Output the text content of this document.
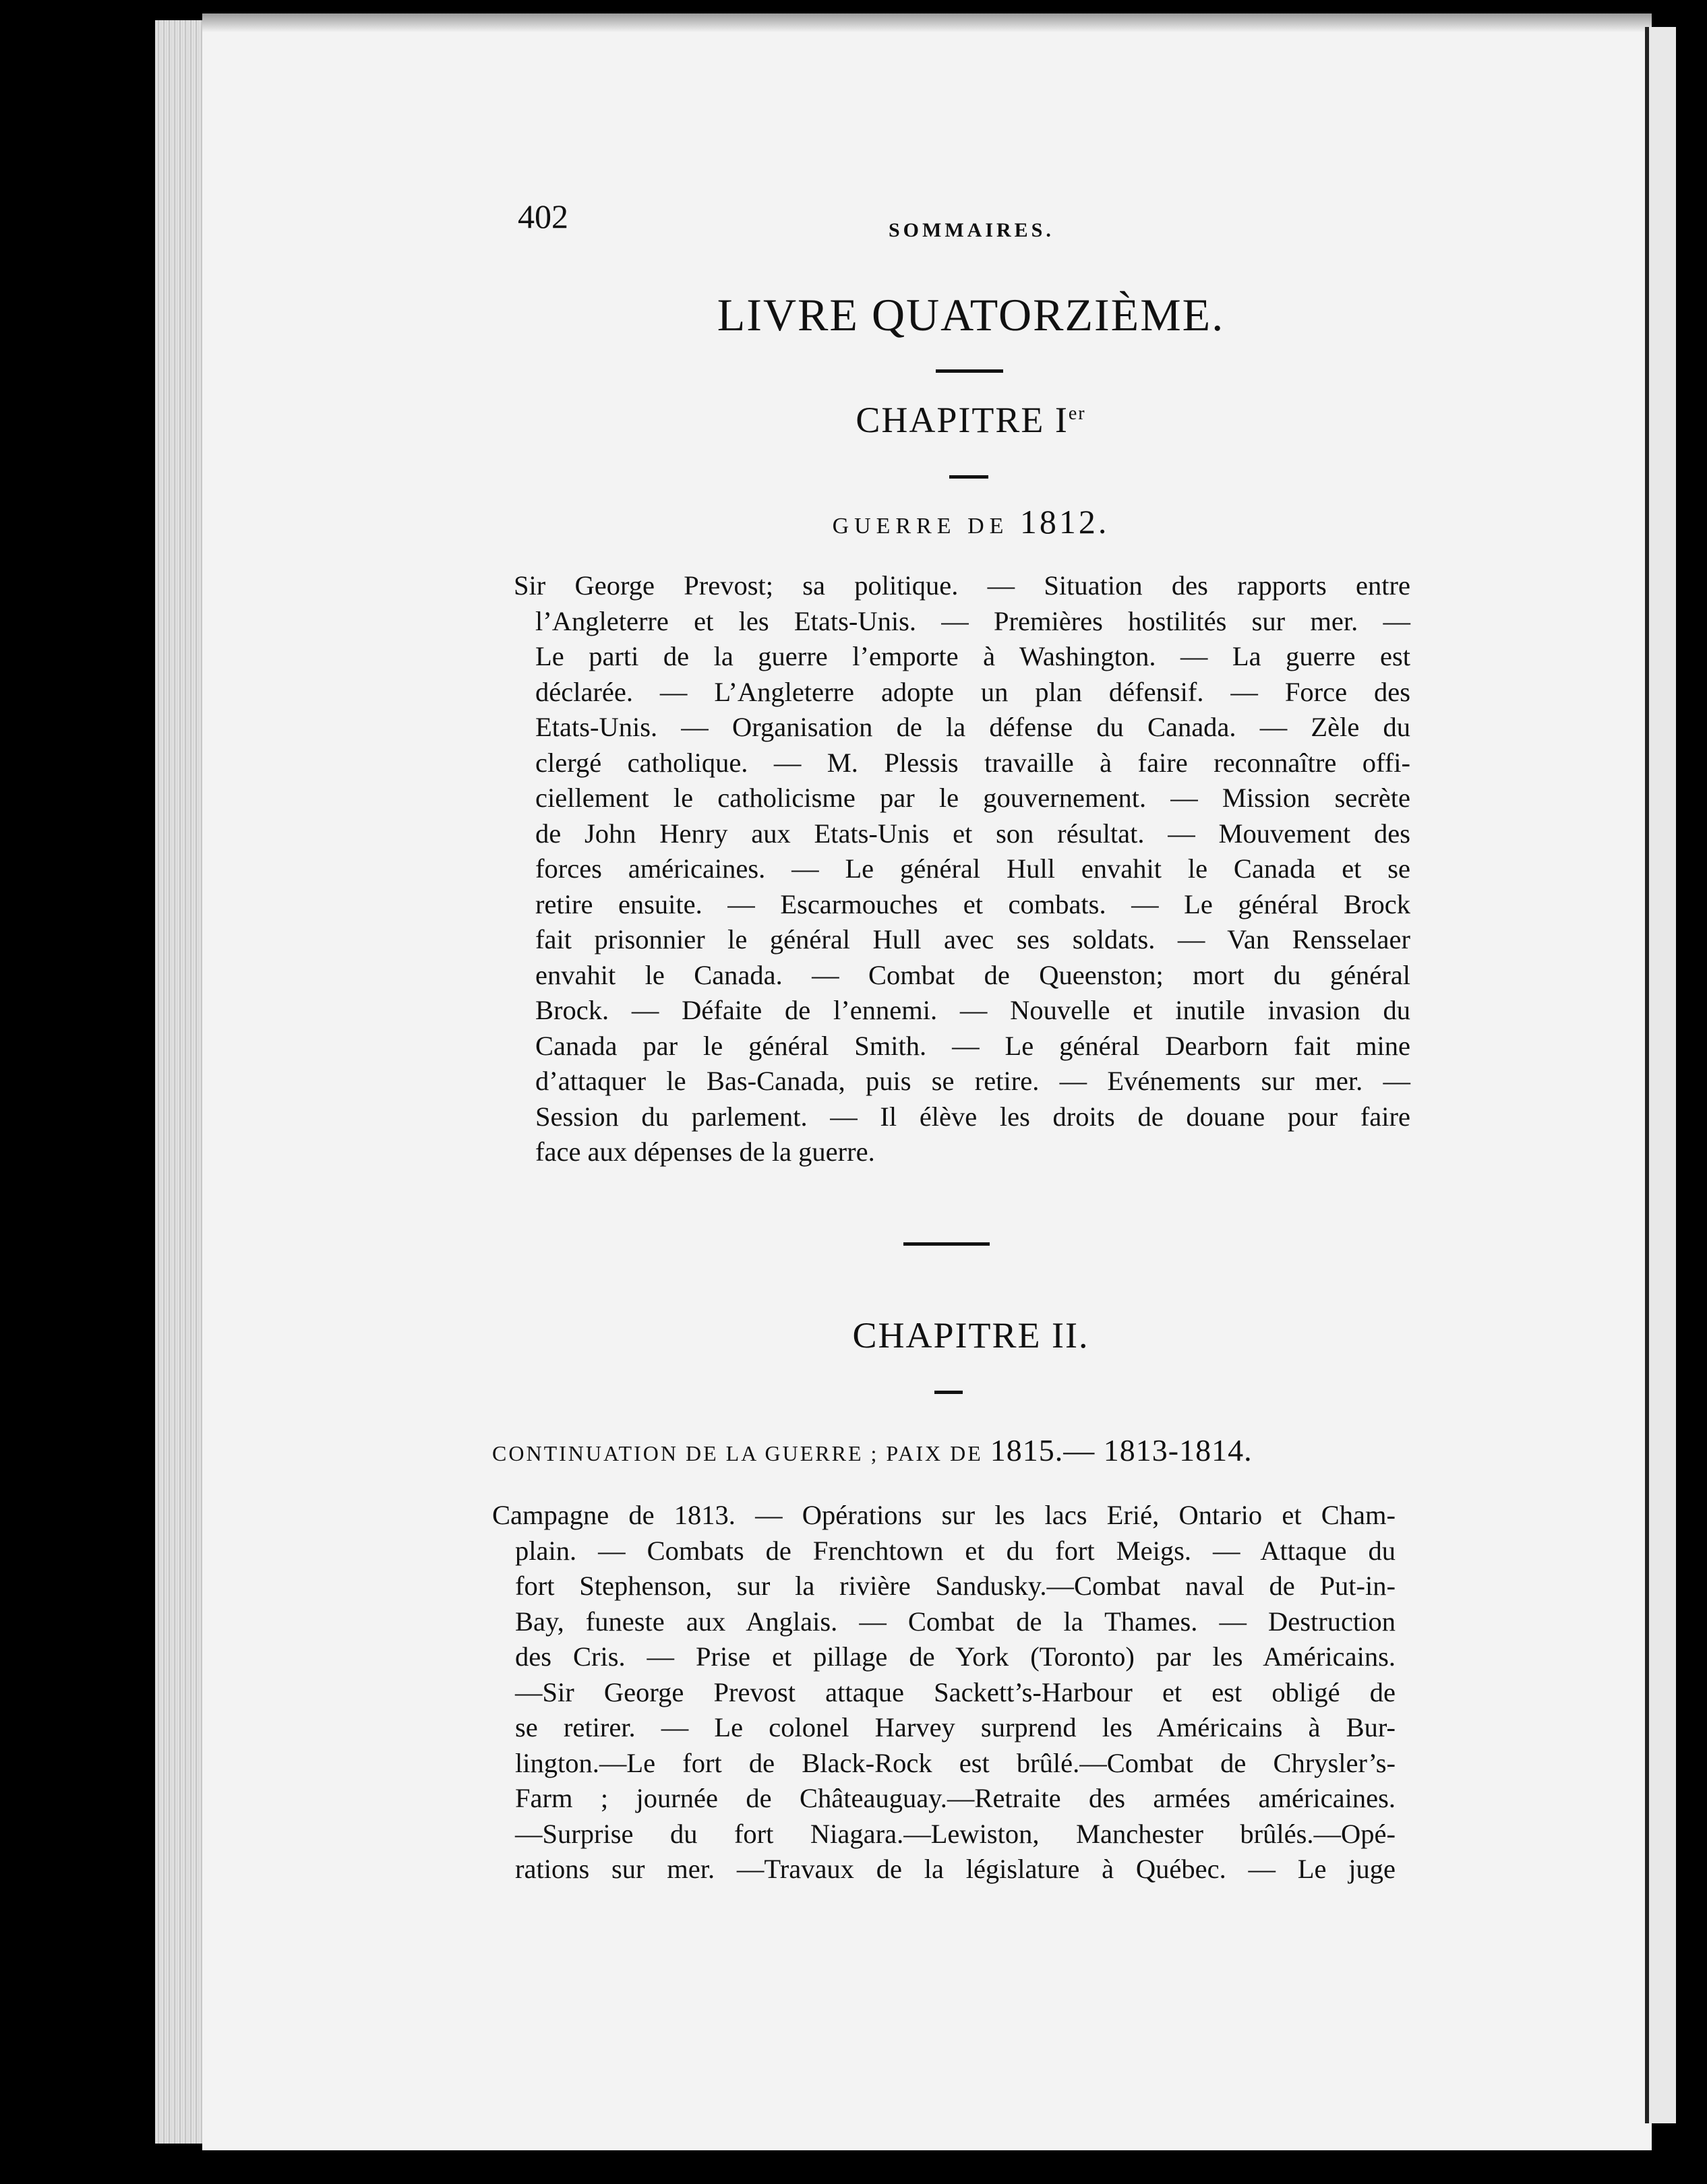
402	SOMMAIRES.
LIVRE QUATORZIÈME.
CHAPITRE Ier
GUERRE DE 1812.
Sir George Prevost; sa politique. — Situation des rapports entre
l’Angleterre et les Etats-Unis. — Premières hostilités sur mer. —
Le parti de la guerre l’emporte à Washington. — La guerre est
déclarée. — L’Angleterre adopte un plan défensif. — Force des
Etats-Unis. — Organisation de la défense du Canada. — Zèle du
clergé catholique. — M. Plessis travaille à faire reconnaître offi-
ciellement le catholicisme par le gouvernement. — Mission secrète
de John Henry aux Etats-Unis et son résultat. — Mouvement des
forces américaines. — Le général Hull envahit le Canada et se
retire ensuite. — Escarmouches et combats. — Le général Brock
fait prisonnier le général Hull avec ses soldats. — Van Rensselaer
envahit le Canada. — Combat de Queenston; mort du général
Brock. — Défaite de l’ennemi. — Nouvelle et inutile invasion du
Canada par le général Smith. — Le général Dearborn fait mine
d’attaquer le Bas-Canada, puis se retire. — Evénements sur mer. —
Session du parlement. — Il élève les droits de douane pour faire
face aux dépenses de la guerre.
CHAPITRE II.
CONTINUATION DE LA GUERRE ; PAIX DE 1815.— 1813-1814.
Campagne de 1813. — Opérations sur les lacs Erié, Ontario et Cham-
plain. — Combats de Frenchtown et du fort Meigs. — Attaque du
fort Stephenson, sur la rivière Sandusky.—Combat naval de Put-in-
Bay, funeste aux Anglais. — Combat de la Thames. — Destruction
des Cris. — Prise et pillage de York (Toronto) par les Américains.
—Sir George Prevost attaque Sackett’s-Harbour et est obligé de
se retirer. — Le colonel Harvey surprend les Américains à Bur-
lington.—Le fort de Black-Rock est brûlé.—Combat de Chrysler’s-
Farm ; journée de Châteauguay.—Retraite des armées américaines.
—Surprise du fort Niagara.—Lewiston, Manchester brûlés.—Opé-
rations sur mer. —Travaux de la législature à Québec. — Le juge
